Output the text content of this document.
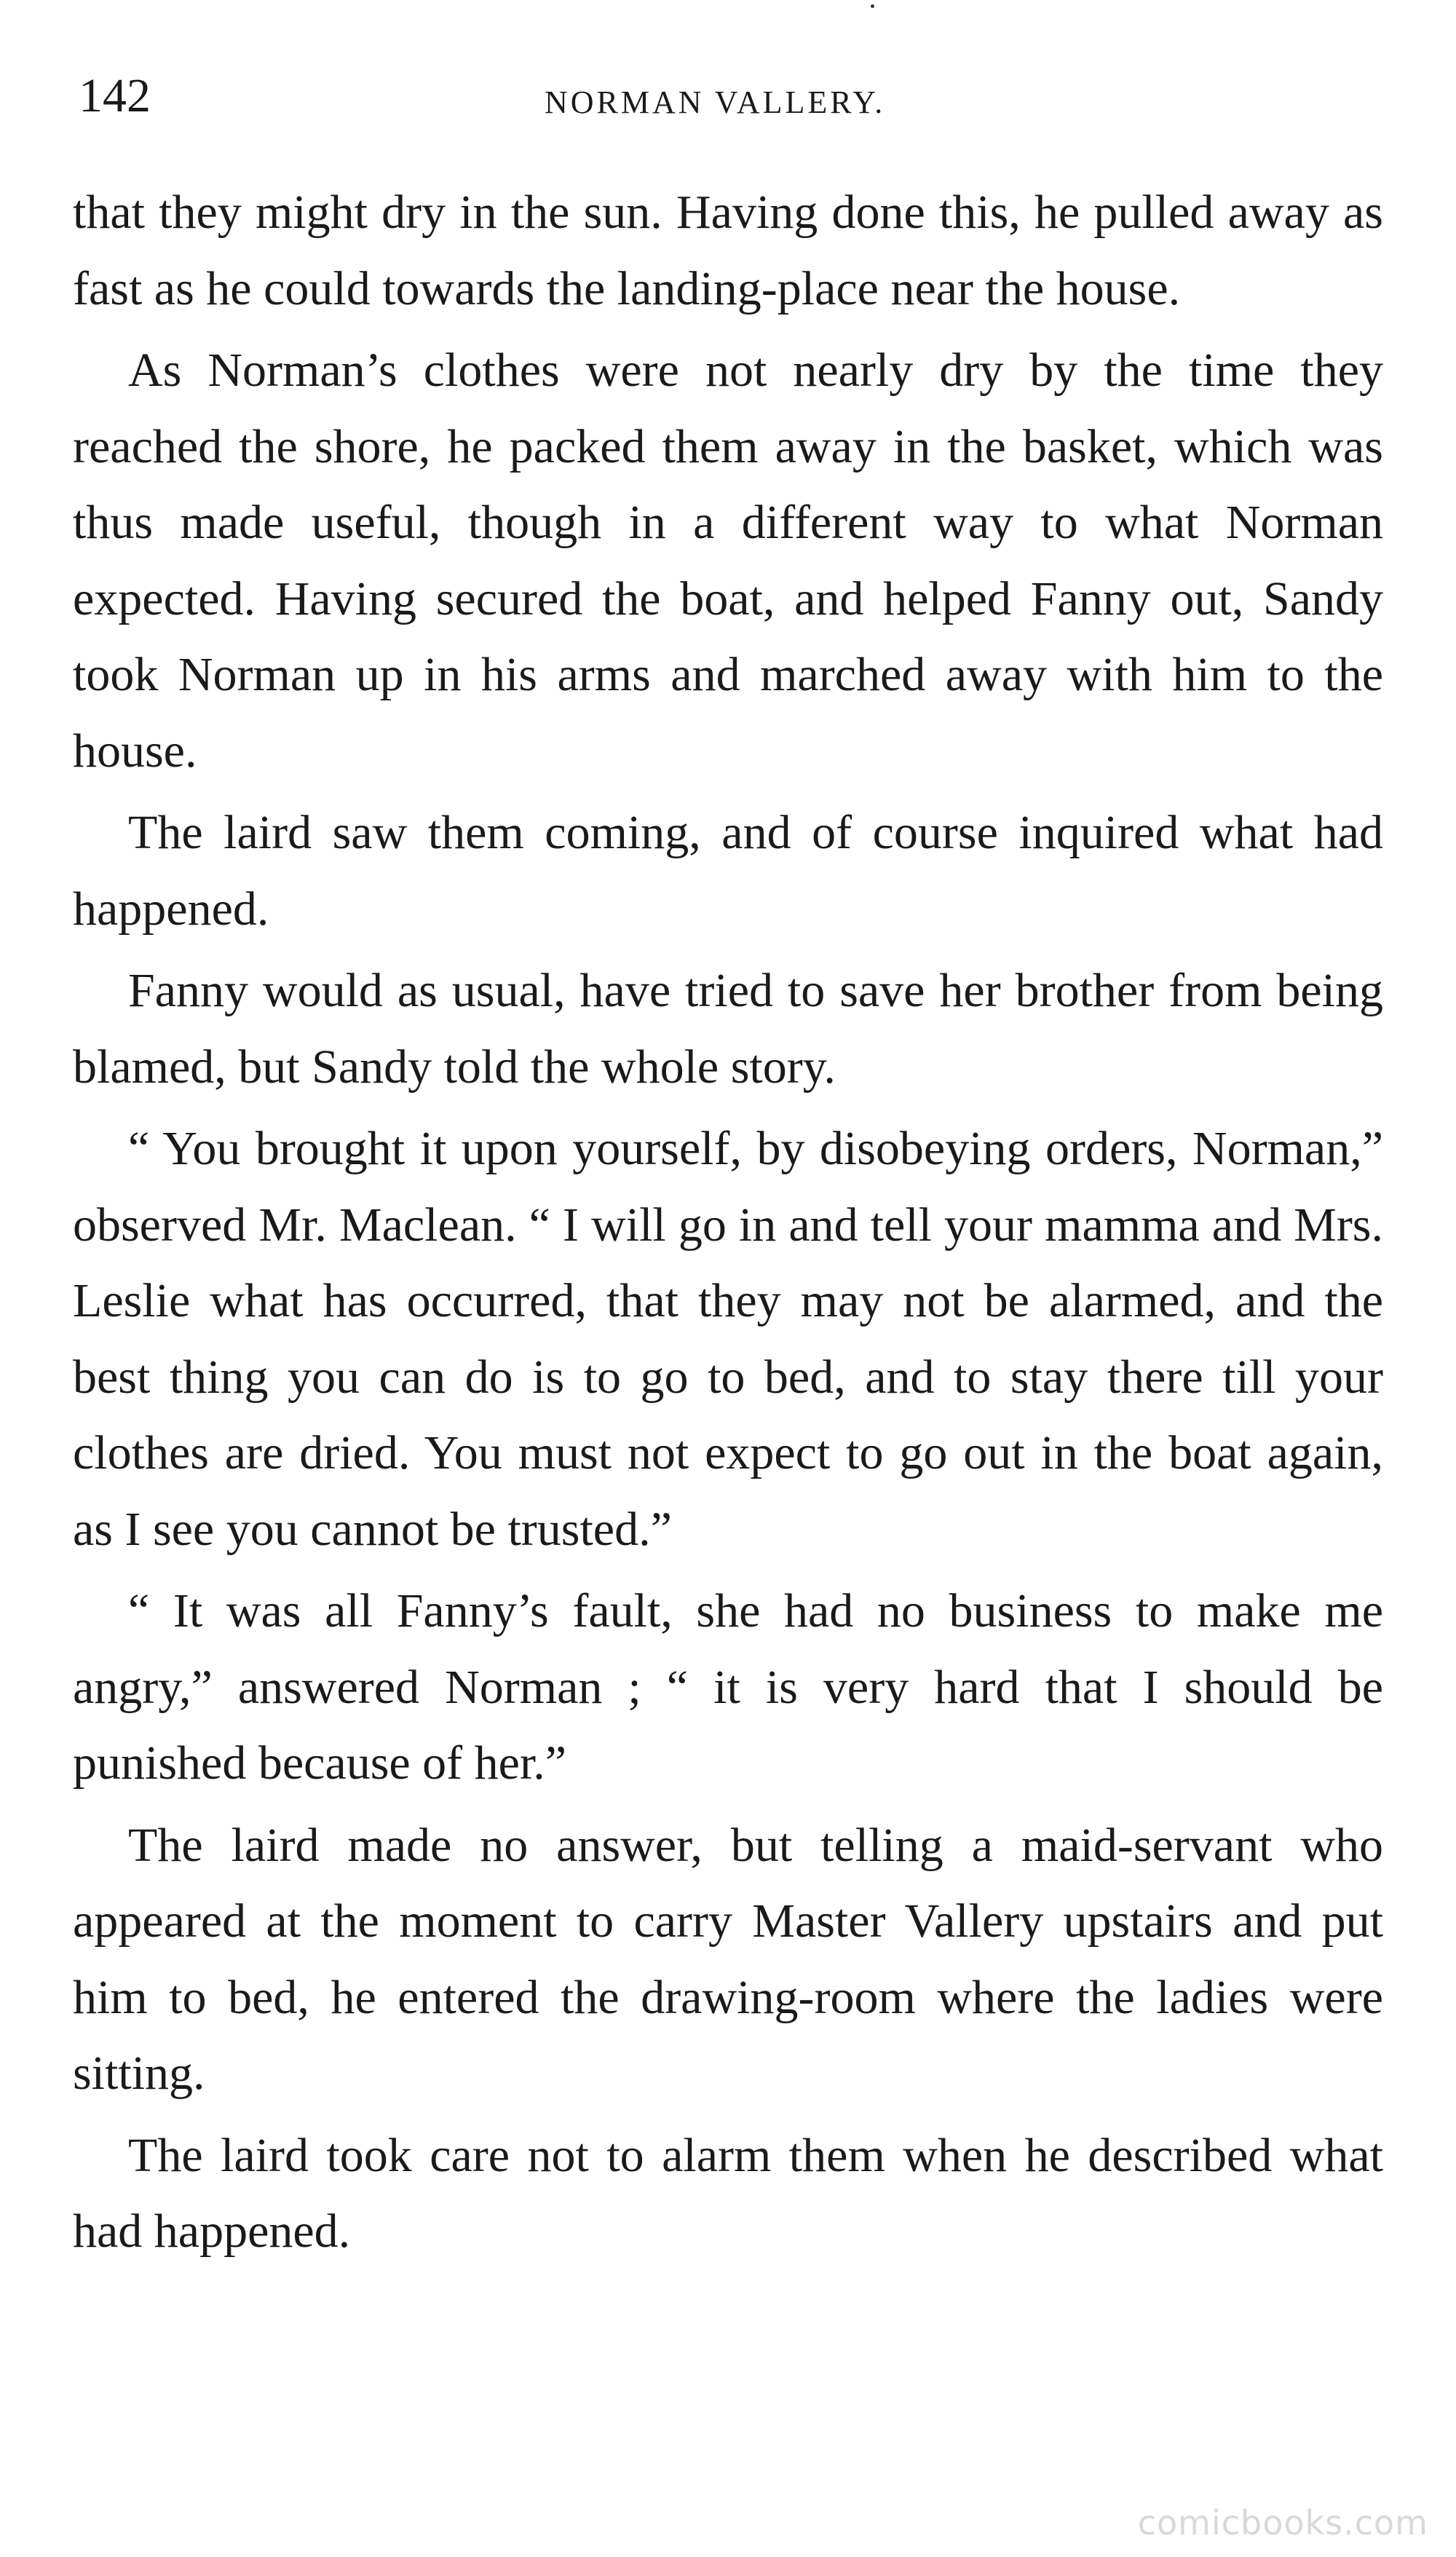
142	NORMAN VALLERY.

that they might dry in the sun. Having done this, he pulled away as fast as he could towards the landing-place near the house.

As Norman’s clothes were not nearly dry by the time they reached the shore, he packed them away in the basket, which was thus made useful, though in a different way to what Norman expected. Having secured the boat, and helped Fanny out, Sandy took Norman up in his arms and marched away with him to the house.

The laird saw them coming, and of course inquired what had happened.

Fanny would as usual, have tried to save her brother from being blamed, but Sandy told the whole story.

“ You brought it upon yourself, by disobeying orders, Norman,” observed Mr. Maclean. “ I will go in and tell your mamma and Mrs. Leslie what has occurred, that they may not be alarmed, and the best thing you can do is to go to bed, and to stay there till your clothes are dried. You must not expect to go out in the boat again, as I see you cannot be trusted.”

“ It was all Fanny’s fault, she had no business to make me angry,” answered Norman ; “ it is very hard that I should be punished because of her.”

The laird made no answer, but telling a maid-servant who appeared at the moment to carry Master Vallery upstairs and put him to bed, he entered the drawing-room where the ladies were sitting.

The laird took care not to alarm them when he described what had happened.

comicbooks.com
